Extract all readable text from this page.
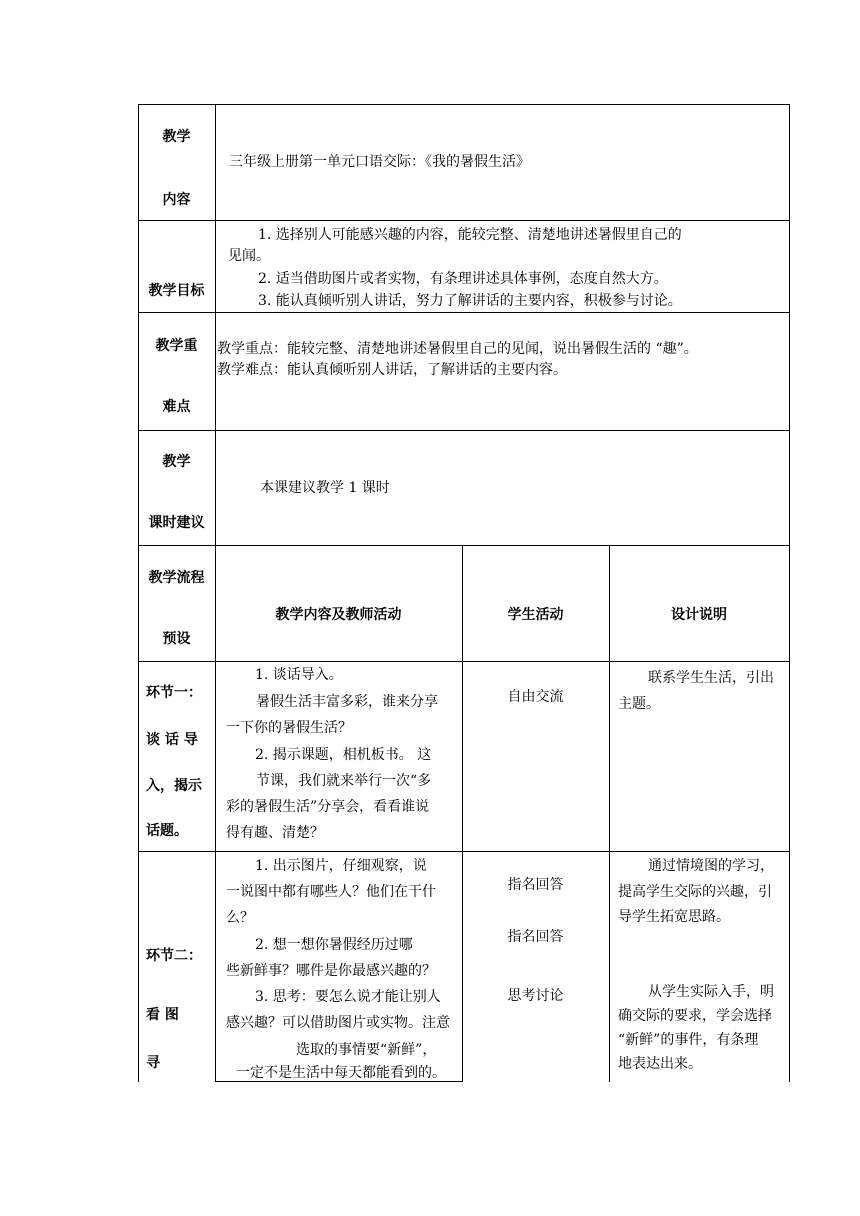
教学
内容
三年级上册第一单元口语交际：《我的暑假生活》
教学目标
1. 选择别人可能感兴趣的内容，能较完整、清楚地讲述暑假里自己的
见闻。
2. 适当借助图片或者实物，有条理讲述具体事例，态度自然大方。
3. 能认真倾听别人讲话，努力了解讲话的主要内容，积极参与讨论。
教学重
难点
教学重点：能较完整、清楚地讲述暑假里自己的见闻，说出暑假生活的 “趣”。
教学难点：能认真倾听别人讲话，了解讲话的主要内容。
教学
课时建议
本课建议教学 1 课时
教学流程
预设
教学内容及教师活动	学生活动	设计说明
环节一：
谈 话 导
入，揭示
话题。
1. 谈话导入。
暑假生活丰富多彩，谁来分享
一下你的暑假生活？
2. 揭示课题，相机板书。 这
节课，我们就来举行一次“多
彩的暑假生活”分享会，看看谁说
得有趣、清楚？
自由交流
联系学生生活，引出
主题。
环节二：
看 图
寻
1. 出示图片，仔细观察，说
一说图中都有哪些人？他们在干什
么？
2. 想一想你暑假经历过哪
些新鲜事？哪件是你最感兴趣的？
3. 思考：要怎么说才能让别人
感兴趣？可以借助图片或实物。注意
选取的事情要“新鲜”，
一定不是生活中每天都能看到的。
指名回答
指名回答
思考讨论
通过情境图的学习，
提高学生交际的兴趣，引
导学生拓宽思路。
从学生实际入手，明
确交际的要求，学会选择
“新鲜”的事件，有条理
地表达出来。
